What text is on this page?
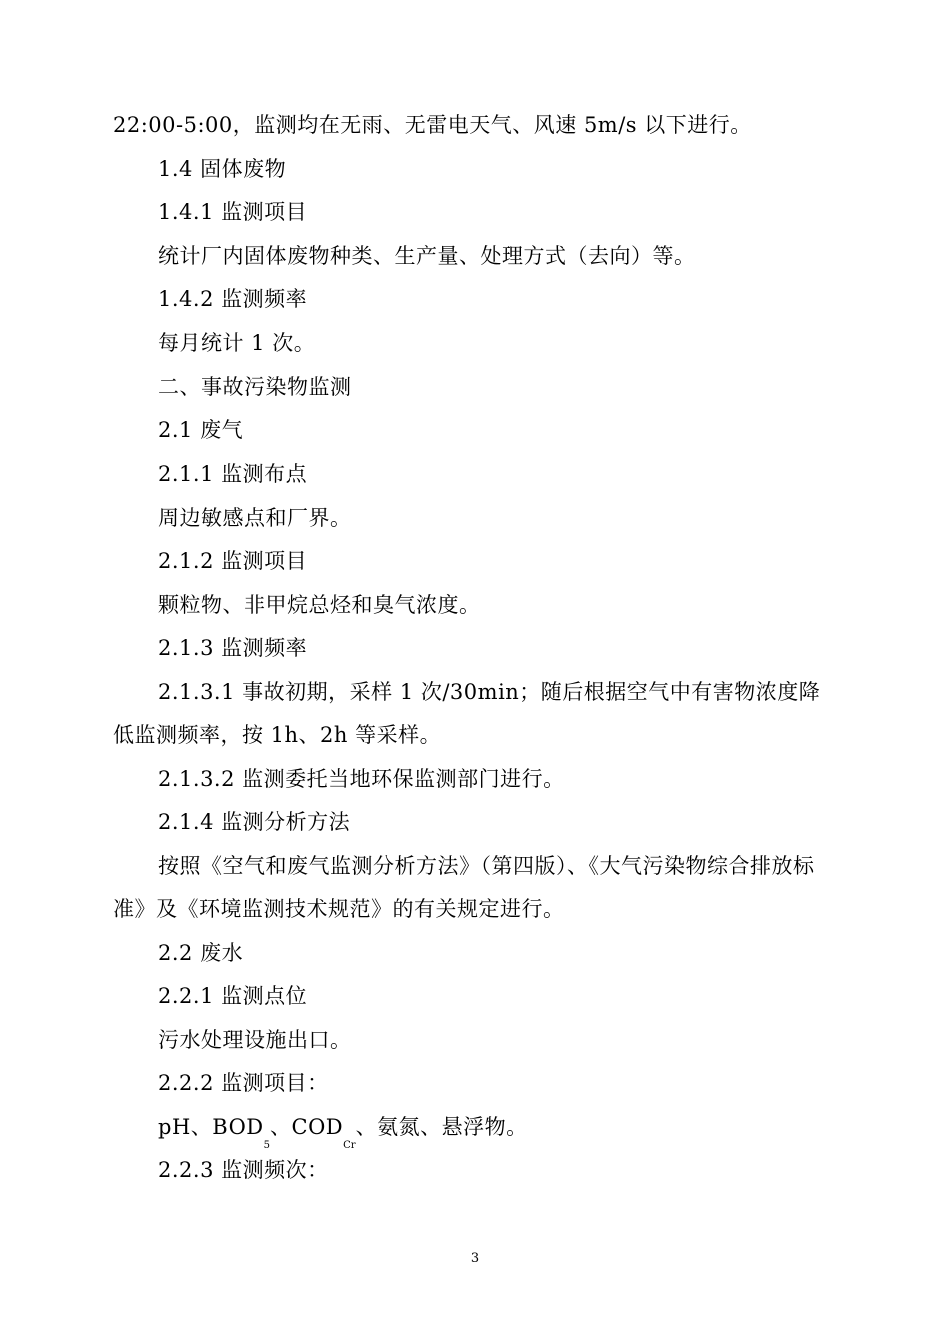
22:00-5:00，监测均在无雨、无雷电天气、风速 5m/s 以下进行。
1.4 固体废物
1.4.1 监测项目
统计厂内固体废物种类、生产量、处理方式（去向）等。
1.4.2 监测频率
每月统计 1 次。
二、事故污染物监测
2.1 废气
2.1.1 监测布点
周边敏感点和厂界。
2.1.2 监测项目
颗粒物、非甲烷总烃和臭气浓度。
2.1.3 监测频率
2.1.3.1 事故初期，采样 1 次/30min；随后根据空气中有害物浓度降
低监测频率，按 1h、2h 等采样。
2.1.3.2 监测委托当地环保监测部门进行。
2.1.4 监测分析方法
按照《空气和废气监测分析方法》（第四版）、《大气污染物综合排放标
准》及《环境监测技术规范》的有关规定进行。
2.2 废水
2.2.1 监测点位
污水处理设施出口。
2.2.2 监测项目：
pH、$BOD_5$、$COD_{Cr}$、氨氮、悬浮物。
2.2.3 监测频次：
3
